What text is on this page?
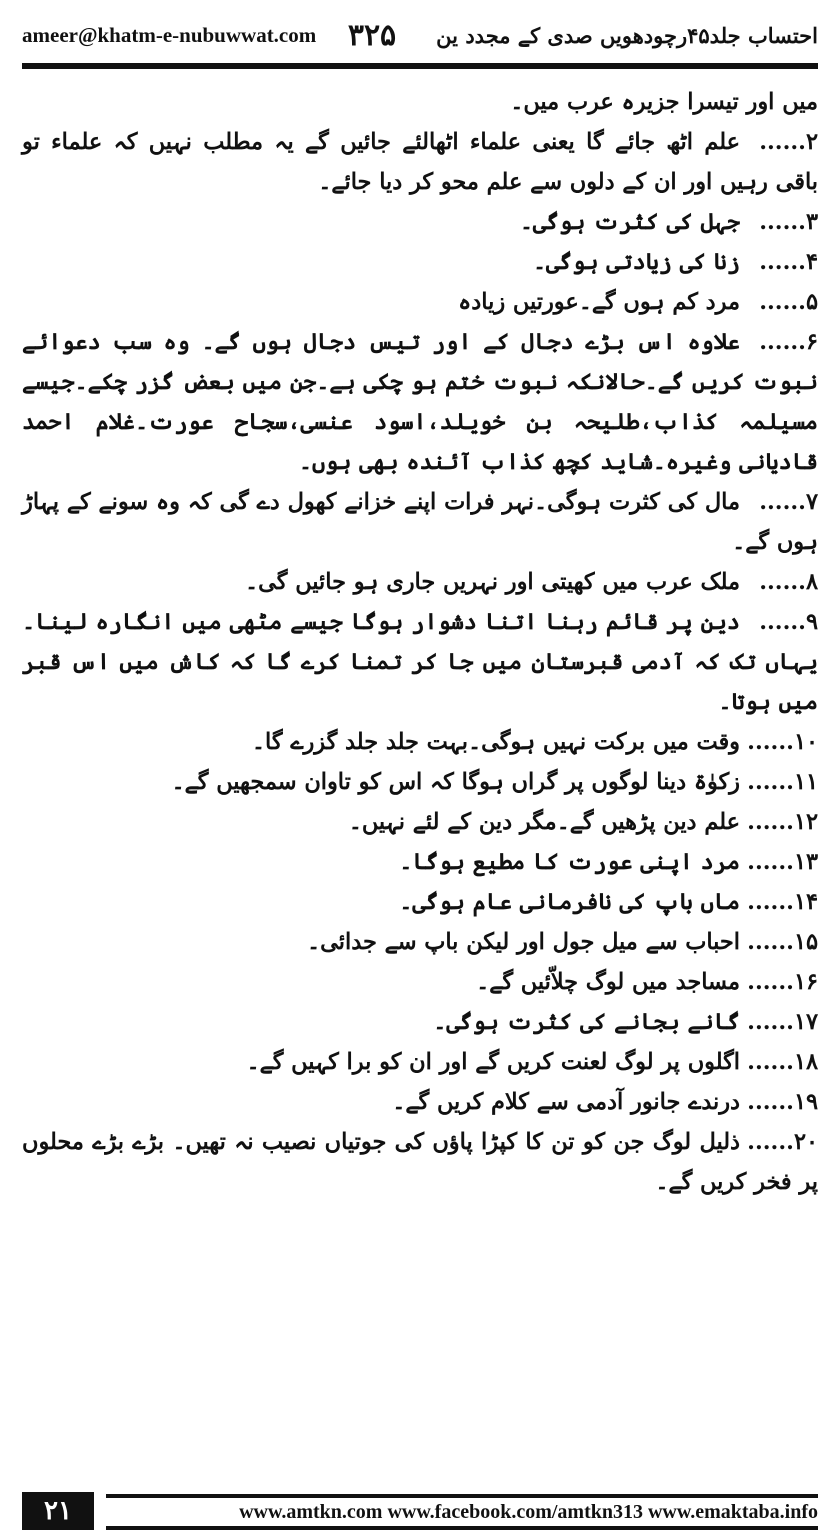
ameer@khatm-e-nubuwwat.com	احتساب جلد۴۵رچودھویں صدی کے مجدد ین
۳۲۵
میں اور تیسرا جزیرہ عرب میں۔
۲......علم اٹھ جائے گا یعنی علماء اٹھالئے جائیں گے یہ مطلب نہیں کہ علماء تو باقی رہیں اور ان کے دلوں سے علم محو کر دیا جائے۔
۳......جہل کی کثرت ہوگی۔
۴......زنا کی زیادتی ہوگی۔
۵......مرد کم ہوں گے۔عورتیں زیادہ
۶......علاوہ اس بڑے دجال کے اور تیس دجال ہوں گے۔ وہ سب دعوائے نبوت کریں گے۔حالانکہ نبوت ختم ہو چکی ہے۔جن میں بعض گزر چکے۔جیسے مسیلمہ کذاب،طلیحہ بن خویلد،اسود عنسی،سجاح عورت۔غلام احمد قادیانی وغیرہ۔شاید کچھ کذاب آئندہ بھی ہوں۔
۷......مال کی کثرت ہوگی۔نہر فرات اپنے خزانے کھول دے گی کہ وہ سونے کے پہاڑ ہوں گے۔
۸......ملک عرب میں کھیتی اور نہریں جاری ہو جائیں گی۔
۹......دین پر قائم رہنا اتنا دشوار ہوگا جیسے مٹھی میں انگارہ لینا۔ یہاں تک کہ آدمی قبرستان میں جا کر تمنا کرے گا کہ کاش میں اس قبر میں ہوتا۔
۱۰......وقت میں برکت نہیں ہوگی۔بہت جلد جلد گزرے گا۔
۱۱......زکوٰۃ دینا لوگوں پر گراں ہوگا کہ اس کو تاوان سمجھیں گے۔
۱۲......علم دین پڑھیں گے۔مگر دین کے لئے نہیں۔
۱۳......مرد اپنی عورت کا مطیع ہوگا۔
۱۴......ماں باپ کی نافرمانی عام ہوگی۔
۱۵......احباب سے میل جول اور لیکن باپ سے جدائی۔
۱۶......مساجد میں لوگ چلاّئیں گے۔
۱۷......گانے بجانے کی کثرت ہوگی۔
۱۸......اگلوں پر لوگ لعنت کریں گے اور ان کو برا کہیں گے۔
۱۹......درندے جانور آدمی سے کلام کریں گے۔
۲۰......ذلیل لوگ جن کو تن کا کپڑا پاؤں کی جوتیاں نصیب نہ تھیں۔ بڑے بڑے محلوں پر فخر کریں گے۔
۲۱	www.amtkn.com www.facebook.com/amtkn313 www.emaktaba.info
